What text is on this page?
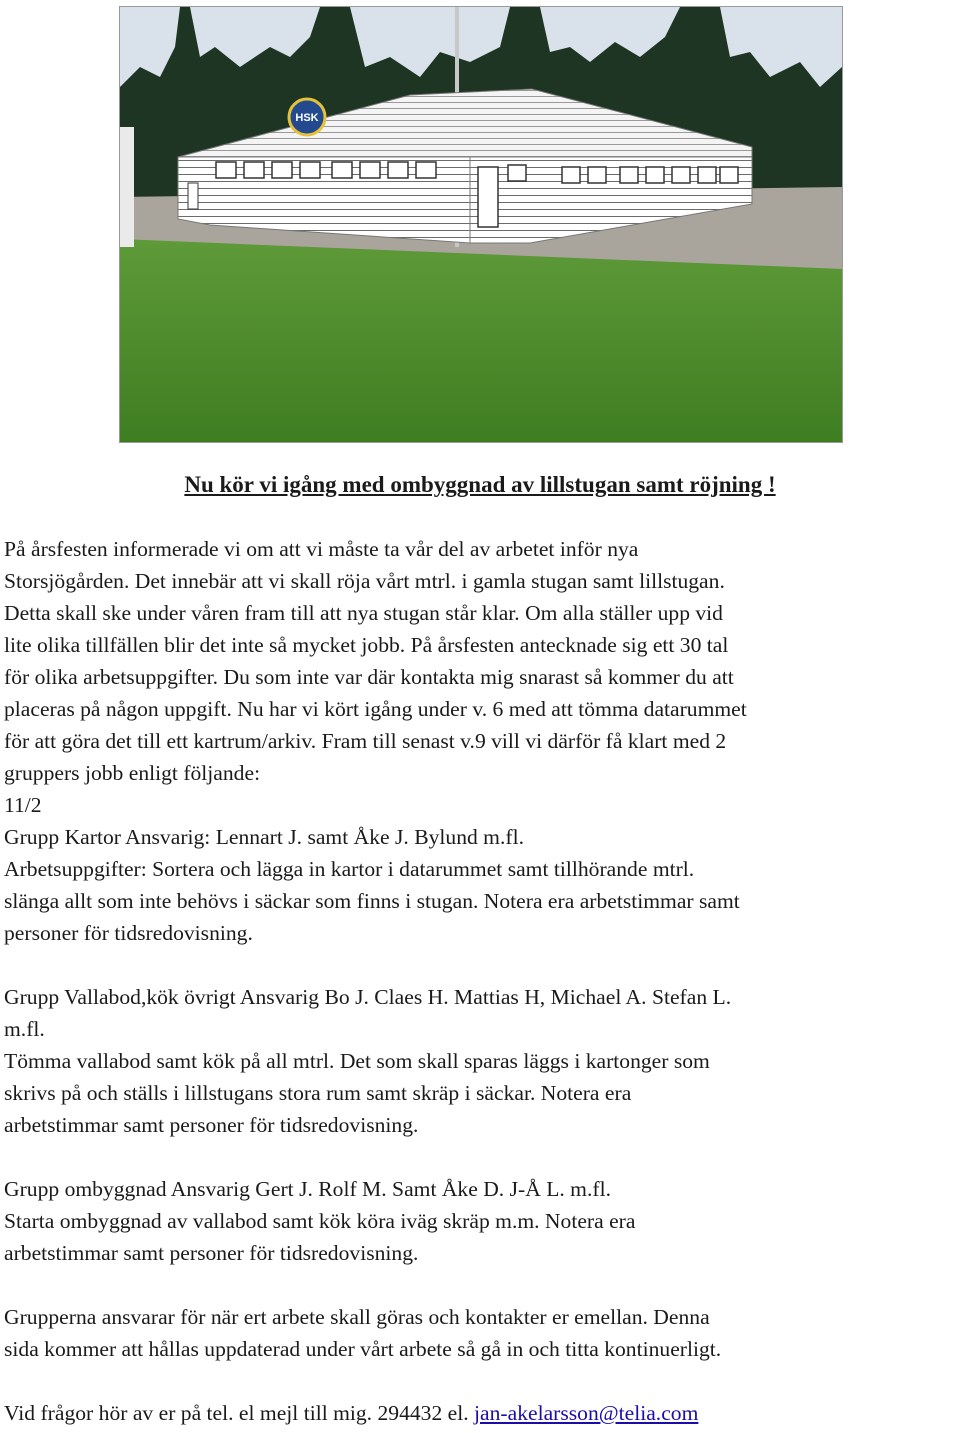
HSK
Nu kör vi igång med ombyggnad av lillstugan samt röjning !
På årsfesten informerade vi om att vi måste ta vår del av arbetet inför nya
Storsjögården. Det innebär att vi skall röja vårt mtrl. i gamla stugan samt lillstugan.
Detta skall ske under våren fram till att nya stugan står klar. Om alla ställer upp vid
lite olika tillfällen blir det inte så mycket jobb. På årsfesten antecknade sig ett 30 tal
för olika arbetsuppgifter. Du som inte var där kontakta mig snarast så kommer du att
placeras på någon uppgift. Nu har vi kört igång under v. 6 med att tömma datarummet
för att göra det till ett kartrum/arkiv. Fram till senast v.9 vill vi därför få klart med 2
gruppers jobb enligt följande:
11/2
Grupp Kartor Ansvarig: Lennart J. samt Åke J. Bylund m.fl.
Arbetsuppgifter: Sortera och lägga in kartor i datarummet samt tillhörande mtrl.
slänga allt som inte behövs i säckar som finns i stugan. Notera era arbetstimmar samt
personer för tidsredovisning.
Grupp Vallabod,kök övrigt Ansvarig Bo J. Claes H. Mattias H, Michael A. Stefan L.
m.fl.
Tömma vallabod samt kök på all mtrl. Det som skall sparas läggs i kartonger som
skrivs på och ställs i lillstugans stora rum samt skräp i säckar. Notera era
arbetstimmar samt personer för tidsredovisning.
Grupp ombyggnad Ansvarig Gert J. Rolf M. Samt Åke D. J-Å L. m.fl.
Starta ombyggnad av vallabod samt kök köra iväg skräp m.m. Notera era
arbetstimmar samt personer för tidsredovisning.
Grupperna ansvarar för när ert arbete skall göras och kontakter er emellan. Denna
sida kommer att hållas uppdaterad under vårt arbete så gå in och titta kontinuerligt.
Vid frågor hör av er på tel. el mejl till mig. 294432 el. jan-akelarsson@telia.com
